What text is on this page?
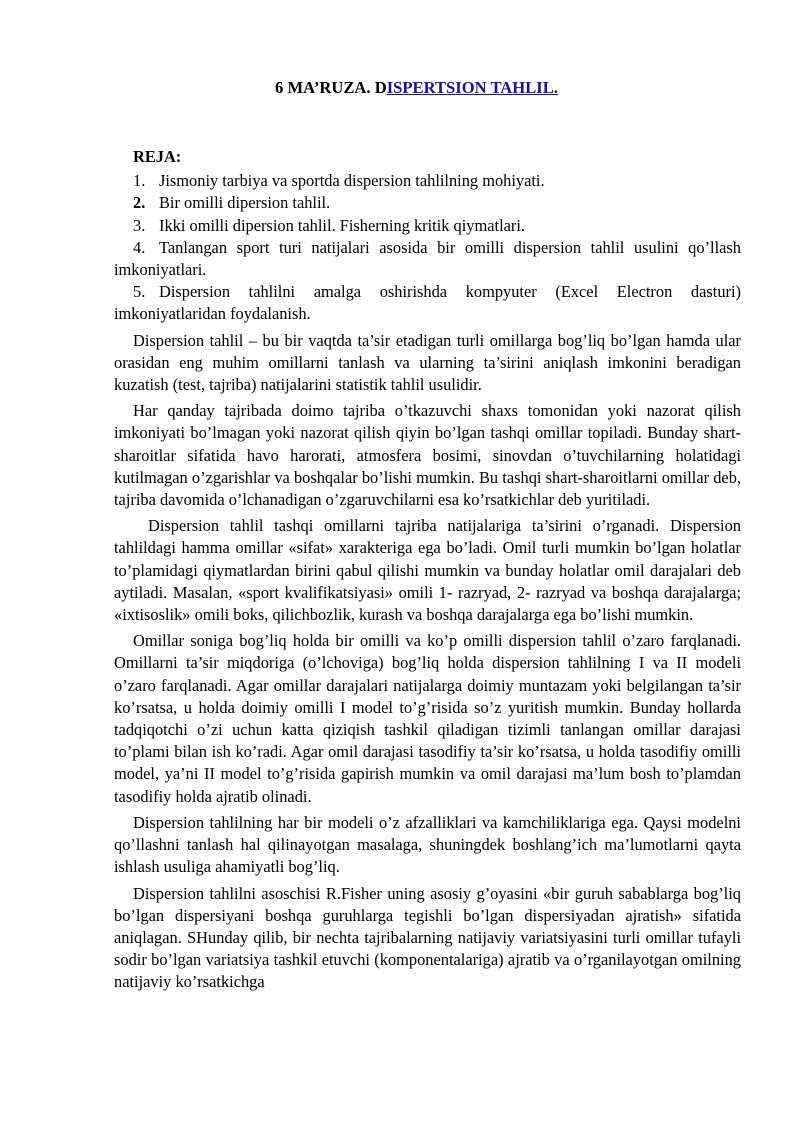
6 MA’RUZA. DISPERTSION TAHLIL.

REJA:

1. Jismoniy tarbiya va sportda dispersion tahlilning mohiyati.

2. Bir omilli dipersion tahlil.

3. Ikki omilli dipersion tahlil. Fisherning kritik qiymatlari.

4. Tanlangan sport turi natijalari asosida bir omilli dispersion tahlil usulini qo’llash imkoniyatlari.

5. Dispersion tahlilni amalga oshirishda kompyuter (Excel Electron dasturi) imkoniyatlaridan foydalanish.

Dispersion tahlil – bu bir vaqtda ta’sir etadigan turli omillarga bog’liq bo’lgan hamda ular orasidan eng muhim omillarni tanlash va ularning ta’sirini aniqlash imkonini beradigan kuzatish (test, tajriba) natijalarini statistik tahlil usulidir.

Har qanday tajribada doimo tajriba o’tkazuvchi shaxs tomonidan yoki nazorat qilish imkoniyati bo’lmagan yoki nazorat qilish qiyin bo’lgan tashqi omillar topiladi. Bunday shart-sharoitlar sifatida havo harorati, atmosfera bosimi, sinovdan o’tuvchilarning holatidagi kutilmagan o’zgarishlar va boshqalar bo’lishi mumkin. Bu tashqi shart-sharoitlarni omillar deb, tajriba davomida o’lchanadigan o’zgaruvchilarni esa ko’rsatkichlar deb yuritiladi.

Dispersion tahlil tashqi omillarni tajriba natijalariga ta’sirini o’rganadi. Dispersion tahlildagi hamma omillar «sifat» xarakteriga ega bo’ladi. Omil turli mumkin bo’lgan holatlar to’plamidagi qiymatlardan birini qabul qilishi mumkin va bunday holatlar omil darajalari deb aytiladi. Masalan, «sport kvalifikatsiyasi» omili 1- razryad, 2- razryad va boshqa darajalarga; «ixtisoslik» omili boks, qilichbozlik, kurash va boshqa darajalarga ega bo’lishi mumkin.

Omillar soniga bog’liq holda bir omilli va ko’p omilli dispersion tahlil o’zaro farqlanadi. Omillarni ta’sir miqdoriga (o’lchoviga) bog’liq holda dispersion tahlilning I va II modeli o’zaro farqlanadi. Agar omillar darajalari natijalarga doimiy muntazam yoki belgilangan ta’sir ko’rsatsa, u holda doimiy omilli I model to’g’risida so’z yuritish mumkin. Bunday hollarda tadqiqotchi o’zi uchun katta qiziqish tashkil qiladigan tizimli tanlangan omillar darajasi to’plami bilan ish ko’radi. Agar omil darajasi tasodifiy ta’sir ko’rsatsa, u holda tasodifiy omilli model, ya’ni II model to’g’risida gapirish mumkin va omil darajasi ma’lum bosh to’plamdan tasodifiy holda ajratib olinadi.

Dispersion tahlilning har bir modeli o’z afzalliklari va kamchiliklariga ega. Qaysi modelni qo’llashni tanlash hal qilinayotgan masalaga, shuningdek boshlang’ich ma’lumotlarni qayta ishlash usuliga ahamiyatli bog’liq.

Dispersion tahlilni asoschisi R.Fisher uning asosiy g’oyasini «bir guruh sabablarga bog’liq bo’lgan dispersiyani boshqa guruhlarga tegishli bo’lgan dispersiyadan ajratish» sifatida aniqlagan. SHunday qilib, bir nechta tajribalarning natijaviy variatsiyasini turli omillar tufayli sodir bo’lgan variatsiya tashkil etuvchi (komponentalariga) ajratib va o’rganilayotgan omilning natijaviy ko’rsatkichga
